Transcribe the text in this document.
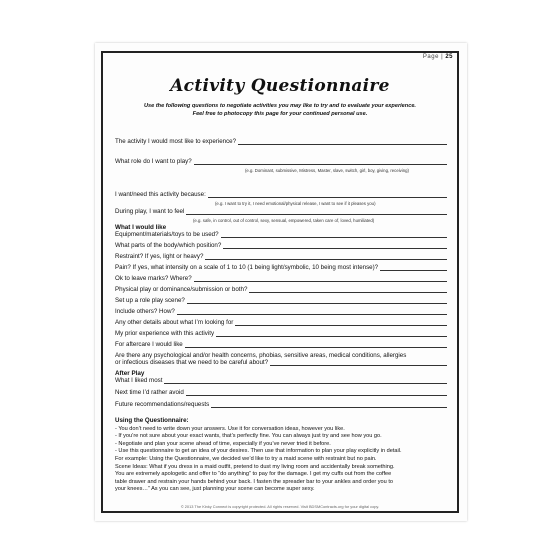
Page | 25
Activity Questionnaire
Use the following questions to negotiate activities you may like to try and to evaluate your experience.
Feel free to photocopy this page for your continued personal use.
The activity I would most like to experience?
What role do I want to play?
(e.g. Dominant, submissive, Mistress, Master, slave, switch, girl, boy, giving, receiving)
I want/need this activity because:
(e.g. I want to try it, I need emotional/physical release, I want to see if it pleases you)
During play, I want to feel
(e.g. safe, in control, out of control, sexy, sensual, empowered, taken care of, loved, humiliated)
What I would like
Equipment/materials/toys to be used?
What parts of the body/which position?
Restraint? If yes, light or heavy?
Pain? If yes, what intensity on a scale of 1 to 10 (1 being light/symbolic, 10 being most intense)?
Ok to leave marks? Where?
Physical play or dominance/submission or both?
Set up a role play scene?
Include others? How?
Any other details about what I’m looking for
My prior experience with this activity
For aftercare I would like
Are there any psychological and/or health concerns, phobias, sensitive areas, medical conditions, allergies
or infectious diseases that we need to be careful about?
After Play
What I liked most
Next time I’d rather avoid
Future recommendations/requests
Using the Questionnaire:
- You don’t need to write down your answers. Use it for conversation ideas, however you like.
- If you’re not sure about your exact wants, that’s perfectly fine. You can always just try and see how you go.
- Negotiate and plan your scene ahead of time, especially if you’ve never tried it before.
- Use this questionnaire to get an idea of your desires. Then use that information to plan your play explicitly in detail.
For example: Using the Questionnaire, we decided we’d like to try a maid scene with restraint but no pain.
Scene Ideas: What if you dress in a maid outfit, pretend to dust my living room and accidentally break something.
You are extremely apologetic and offer to “do anything” to pay for the damage. I get my cuffs out from the coffee
table drawer and restrain your hands behind your back. I fasten the spreader bar to your ankles and order you to
your knees…” As you can see, just planning your scene can become super sexy.
© 2013 The Kinky Connect is copyright protected. All rights reserved. Visit BDSMContracts.org for your digital copy.
